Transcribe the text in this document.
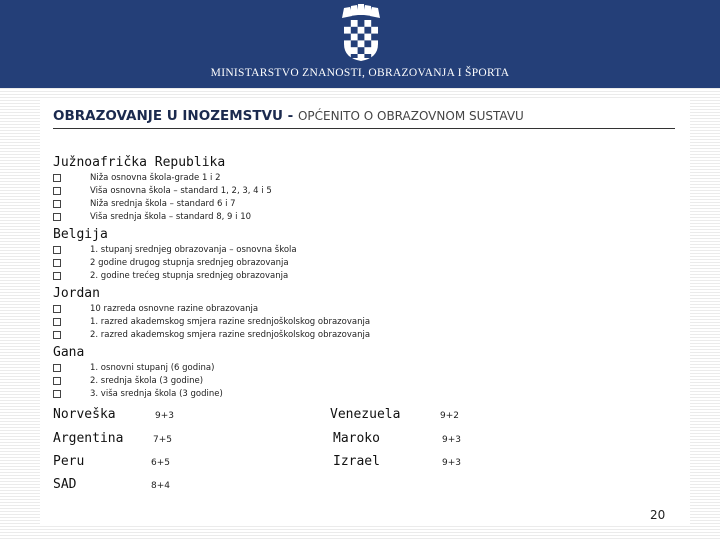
MINISTARSTVO ZNANOSTI, OBRAZOVANJA I ŠPORTA
OBRAZOVANJE U INOZEMSTVU - OPĆENITO O OBRAZOVNOM SUSTAVU
Južnoafrička Republika
Niža osnovna škola-grade 1 i 2
Viša osnovna škola – standard 1, 2, 3, 4 i 5
Niža srednja škola – standard 6 i 7
Viša srednja škola – standard 8, 9 i 10
Belgija
1. stupanj srednjeg obrazovanja – osnovna škola
2 godine drugog stupnja srednjeg obrazovanja
2. godine trećeg stupnja srednjeg obrazovanja
Jordan
10 razreda osnovne razine obrazovanja
1. razred akademskog smjera razine srednjoškolskog obrazovanja
2. razred akademskog smjera razine srednjoškolskog obrazovanja
Gana
1. osnovni stupanj (6 godina)
2. srednja škola (3 godine)
3. viša srednja škola (3 godine)
Norveška	9+3
Argentina	7+5
Peru	6+5
SAD	8+4
Venezuela	9+2
Maroko	9+3
Izrael	9+3
20
